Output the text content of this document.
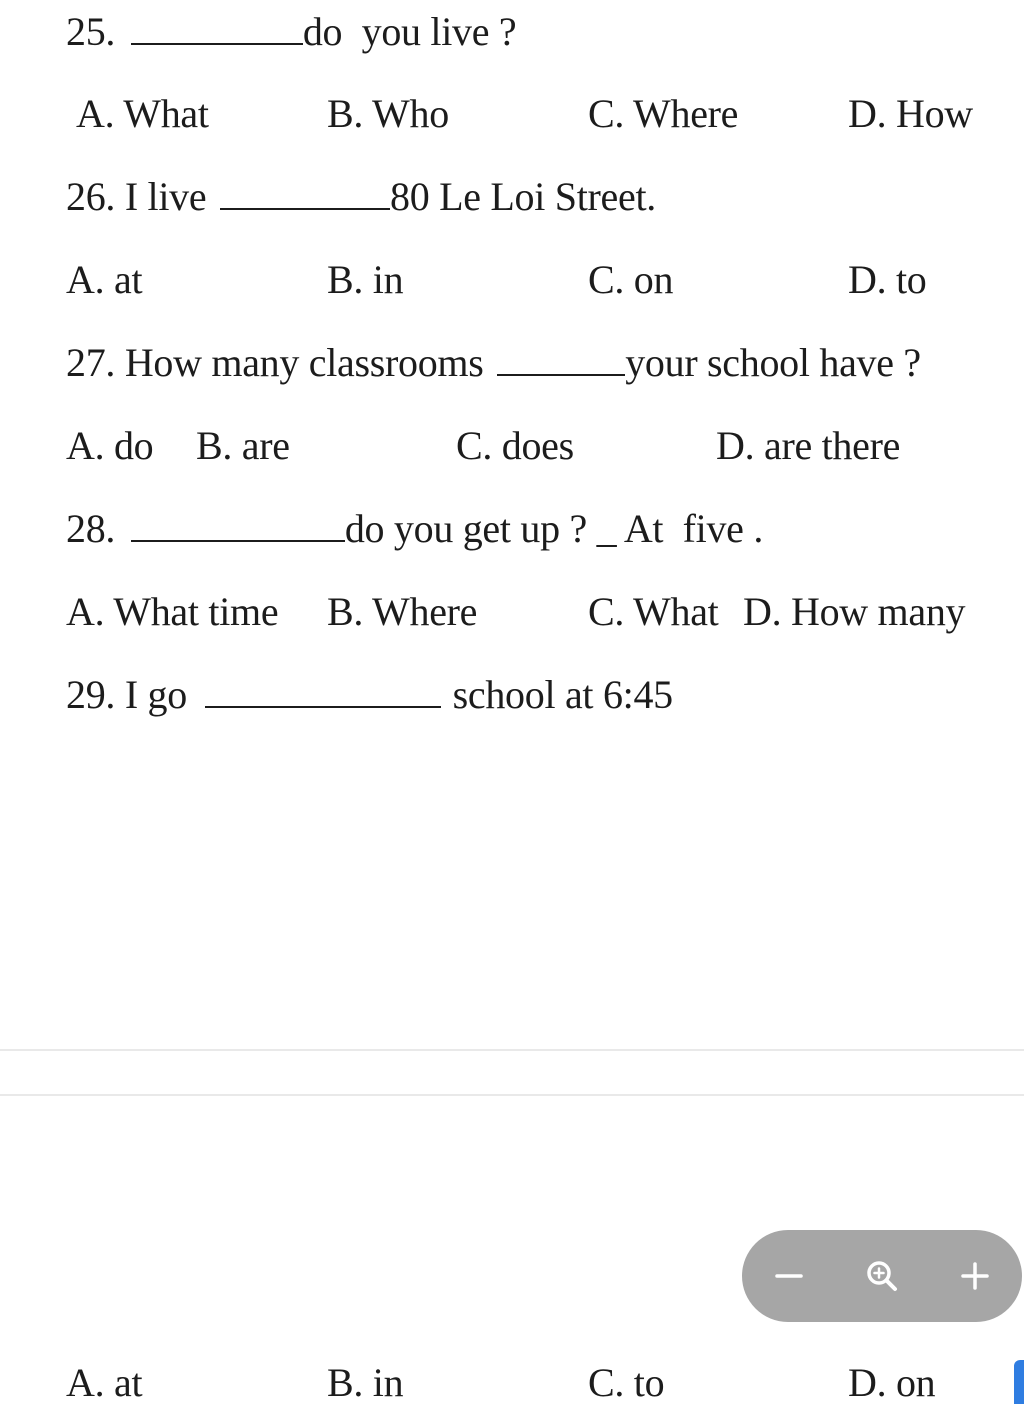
25.	do  you live ?
A. What	B. Who	C. Where	D. How
26. I live	80 Le Loi Street.
A. at	B. in	C. on	D. to
27. How many classrooms	your school have ?
A. do B. are	C. does	D. are there
28.	do you get up ? _ At  five .
A. What time B. Where	C. What D. How many
29. I go	school at 6:45
A. at	B. in	C. to	D. on
